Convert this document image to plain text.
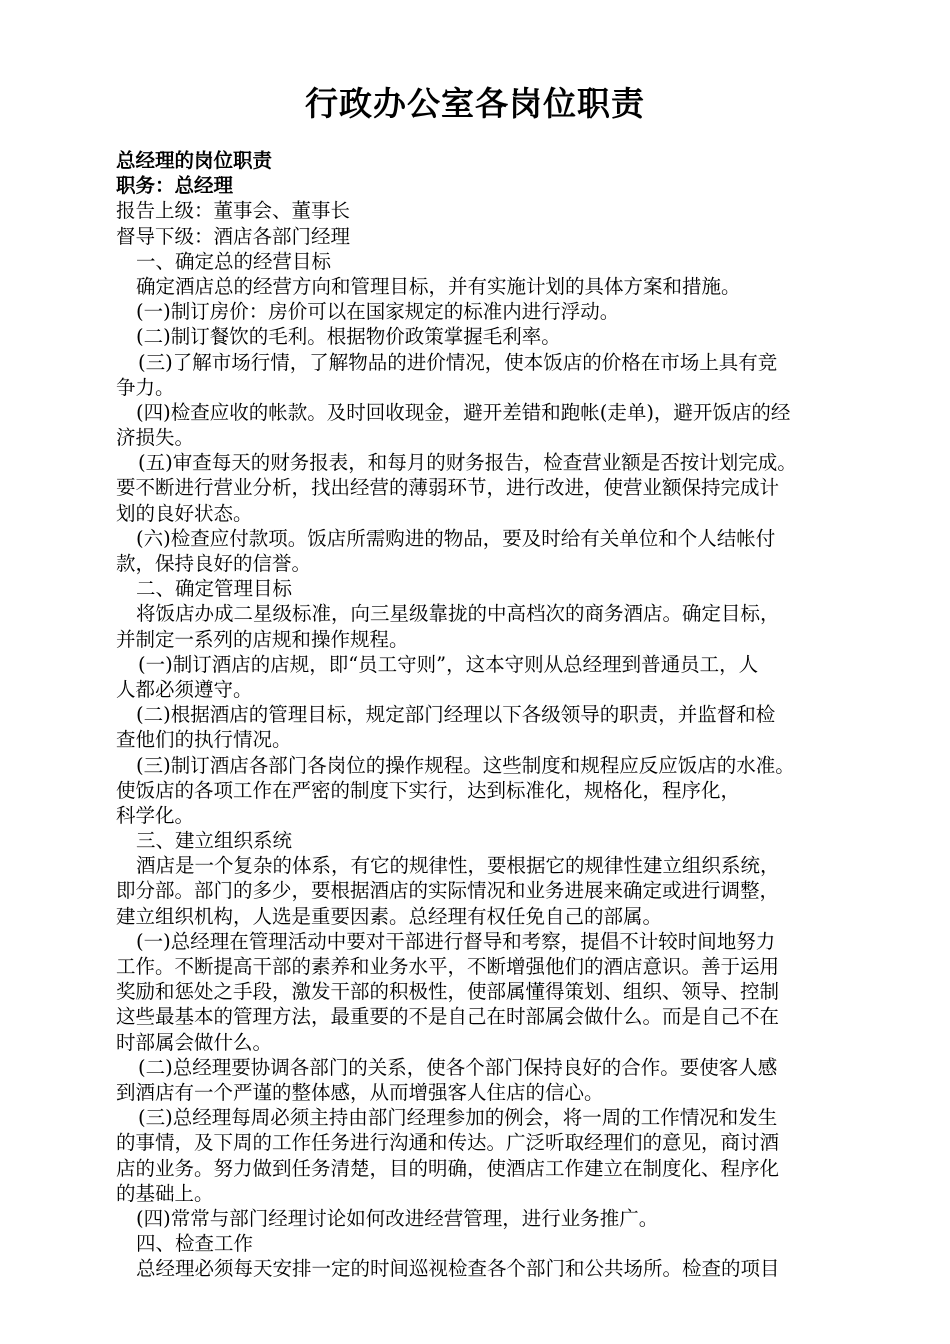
行政办公室各岗位职责
总经理的岗位职责
职务：总经理
报告上级：董事会、董事长
督导下级：酒店各部门经理
一、确定总的经营目标
确定酒店总的经营方向和管理目标，并有实施计划的具体方案和措施。
(一)制订房价：房价可以在国家规定的标准内进行浮动。
(二)制订餐饮的毛利。根据物价政策掌握毛利率。
(三)了解市场行情，了解物品的进价情况，使本饭店的价格在市场上具有竞
争力。
(四)检查应收的帐款。及时回收现金，避开差错和跑帐(走单)，避开饭店的经
济损失。
(五)审查每天的财务报表，和每月的财务报告，检查营业额是否按计划完成。
要不断进行营业分析，找出经营的薄弱环节，进行改进，使营业额保持完成计
划的良好状态。
(六)检查应付款项。饭店所需购进的物品，要及时给有关单位和个人结帐付
款，保持良好的信誉。
二、确定管理目标
将饭店办成二星级标准，向三星级靠拢的中高档次的商务酒店。确定目标，
并制定一系列的店规和操作规程。
(一)制订酒店的店规，即“员工守则”，这本守则从总经理到普通员工，人
人都必须遵守。
(二)根据酒店的管理目标，规定部门经理以下各级领导的职责，并监督和检
查他们的执行情况。
(三)制订酒店各部门各岗位的操作规程。这些制度和规程应反应饭店的水准。
使饭店的各项工作在严密的制度下实行，达到标准化，规格化，程序化，
科学化。
三、建立组织系统
酒店是一个复杂的体系，有它的规律性，要根据它的规律性建立组织系统，
即分部。部门的多少，要根据酒店的实际情况和业务进展来确定或进行调整，
建立组织机构，人选是重要因素。总经理有权任免自己的部属。
(一)总经理在管理活动中要对干部进行督导和考察，提倡不计较时间地努力
工作。不断提高干部的素养和业务水平，不断增强他们的酒店意识。善于运用
奖励和惩处之手段，激发干部的积极性，使部属懂得策划、组织、领导、控制
这些最基本的管理方法，最重要的不是自己在时部属会做什么。而是自己不在
时部属会做什么。
(二)总经理要协调各部门的关系，使各个部门保持良好的合作。要使客人感
到酒店有一个严谨的整体感，从而增强客人住店的信心。
(三)总经理每周必须主持由部门经理参加的例会，将一周的工作情况和发生
的事情，及下周的工作任务进行沟通和传达。广泛听取经理们的意见，商讨酒
店的业务。努力做到任务清楚，目的明确，使酒店工作建立在制度化、程序化
的基础上。
(四)常常与部门经理讨论如何改进经营管理，进行业务推广。
四、检查工作
总经理必须每天安排一定的时间巡视检查各个部门和公共场所。检查的项目
